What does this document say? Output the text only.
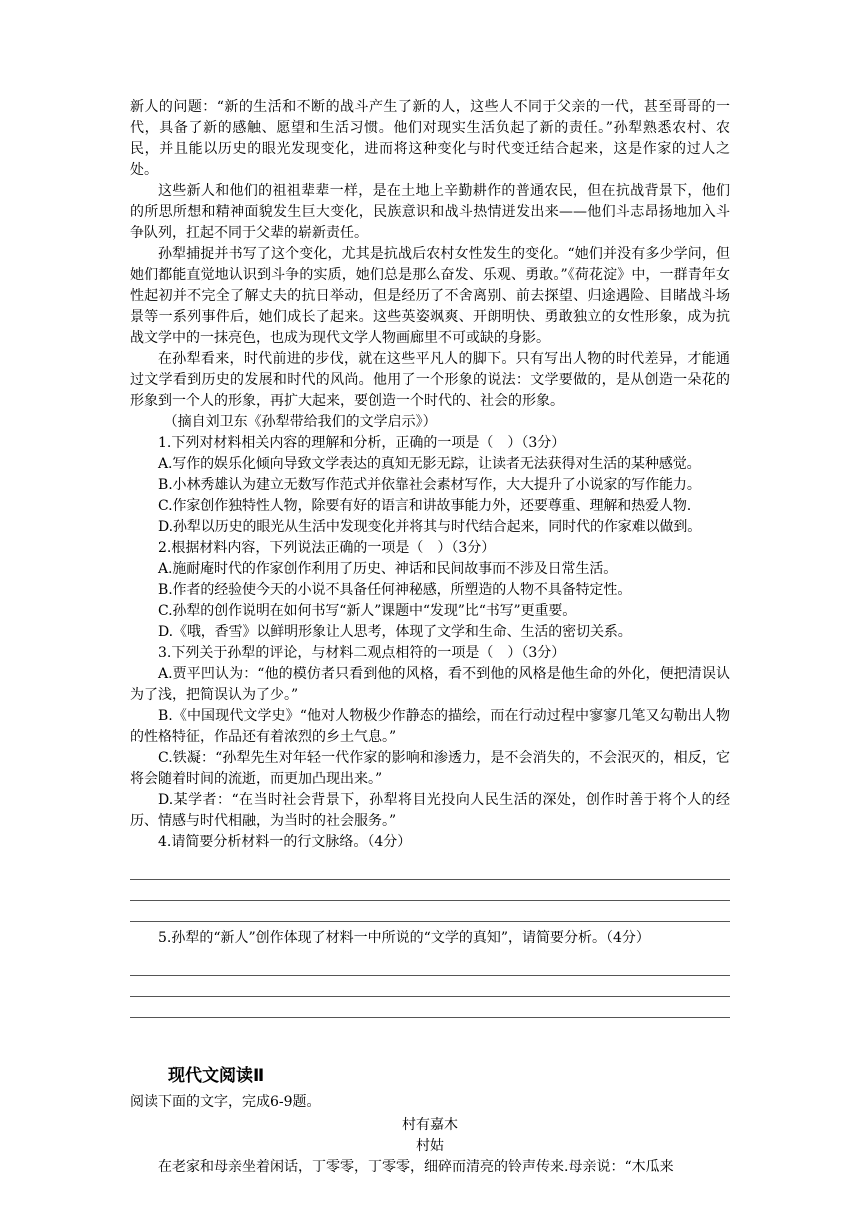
新人的问题：“新的生活和不断的战斗产生了新的人，这些人不同于父亲的一代，甚至哥哥的一代，具备了新的感触、愿望和生活习惯。他们对现实生活负起了新的责任。”孙犁熟悉农村、农民，并且能以历史的眼光发现变化，进而将这种变化与时代变迁结合起来，这是作家的过人之处。

这些新人和他们的祖祖辈辈一样，是在土地上辛勤耕作的普通农民，但在抗战背景下，他们的所思所想和精神面貌发生巨大变化，民族意识和战斗热情迸发出来——他们斗志昂扬地加入斗争队列，扛起不同于父辈的崭新责任。

孙犁捕捉并书写了这个变化，尤其是抗战后农村女性发生的变化。“她们并没有多少学问，但她们都能直觉地认识到斗争的实质，她们总是那么奋发、乐观、勇敢。”《荷花淀》中，一群青年女性起初并不完全了解丈夫的抗日举动，但是经历了不舍离别、前去探望、归途遇险、目睹战斗场景等一系列事件后，她们成长了起来。这些英姿飒爽、开朗明快、勇敢独立的女性形象，成为抗战文学中的一抹亮色，也成为现代文学人物画廊里不可或缺的身影。

在孙犁看来，时代前进的步伐，就在这些平凡人的脚下。只有写出人物的时代差异，才能通过文学看到历史的发展和时代的风尚。他用了一个形象的说法：文学要做的，是从创造一朵花的形象到一个人的形象，再扩大起来，要创造一个时代的、社会的形象。

（摘自刘卫东《孙犁带给我们的文学启示》）

1.下列对材料相关内容的理解和分析，正确的一项是（　）（3分）

A.写作的娱乐化倾向导致文学表达的真知无影无踪，让读者无法获得对生活的某种感觉。

B.小林秀雄认为建立无数写作范式并依靠社会素材写作，大大提升了小说家的写作能力。

C.作家创作独特性人物，除要有好的语言和讲故事能力外，还要尊重、理解和热爱人物.

D.孙犁以历史的眼光从生活中发现变化并将其与时代结合起来，同时代的作家难以做到。

2.根据材料内容，下列说法正确的一项是（　）（3分）

A.施耐庵时代的作家创作利用了历史、神话和民间故事而不涉及日常生活。

B.作者的经验使今天的小说不具备任何神秘感，所塑造的人物不具备特定性。

C.孙犁的创作说明在如何书写“新人”课题中“发现”比“书写”更重要。

D.《哦，香雪》以鲜明形象让人思考，体现了文学和生命、生活的密切关系。

3.下列关于孙犁的评论，与材料二观点相符的一项是（　）（3分）

A.贾平凹认为：“他的模仿者只看到他的风格，看不到他的风格是他生命的外化，便把清误认为了浅，把简误认为了少。”

B.《中国现代文学史》“他对人物极少作静态的描绘，而在行动过程中寥寥几笔又勾勒出人物的性格特征，作品还有着浓烈的乡土气息。”

C.铁凝：“孙犁先生对年轻一代作家的影响和渗透力，是不会消失的，不会泯灭的，相反，它将会随着时间的流逝，而更加凸现出来。”

D.某学者：“在当时社会背景下，孙犁将目光投向人民生活的深处，创作时善于将个人的经历、情感与时代相融，为当时的社会服务。”

4.请简要分析材料一的行文脉络。（4分）

5.孙犁的“新人”创作体现了材料一中所说的“文学的真知”，请简要分析。（4分）

现代文阅读Ⅱ

阅读下面的文字，完成6-9题。

村有嘉木

村姑

在老家和母亲坐着闲话，丁零零，丁零零，细碎而清亮的铃声传来.母亲说：“木瓜来
